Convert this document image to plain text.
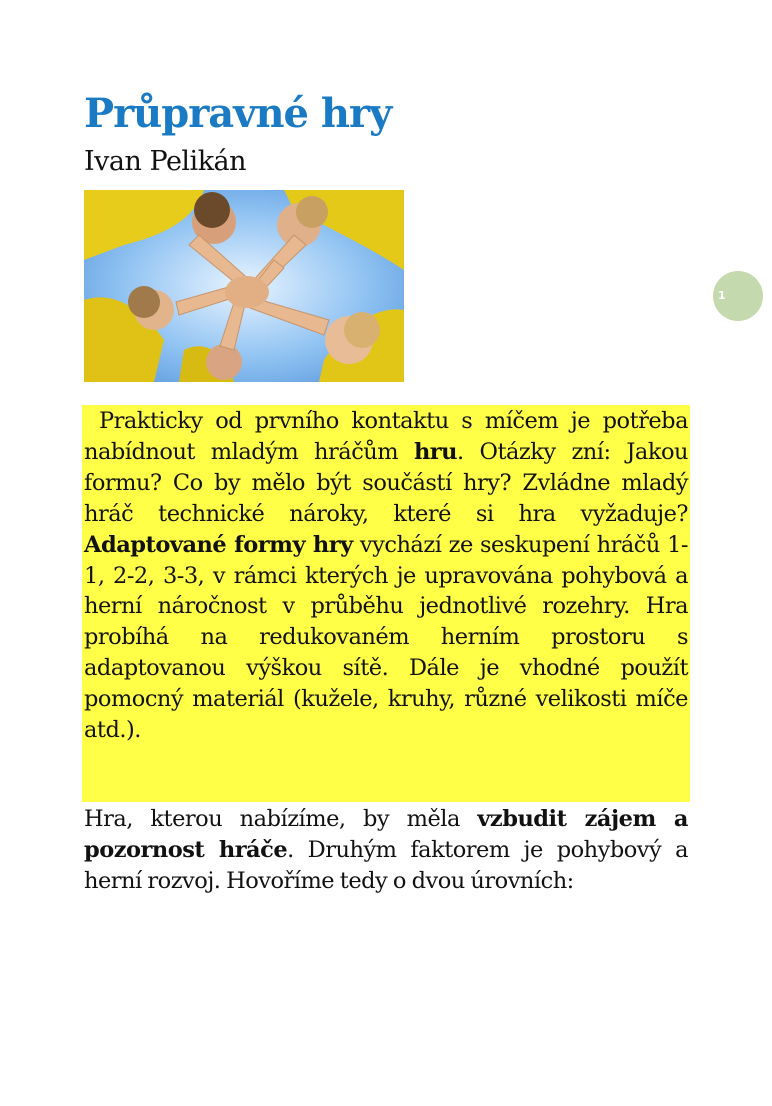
Průpravné hry
Ivan Pelikán
1

Prakticky od prvního kontaktu s míčem je potřeba nabídnout mladým hráčům hru. Otázky zní: Jakou formu? Co by mělo být součástí hry? Zvládne mladý hráč technické nároky, které si hra vyžaduje? Adaptované formy hry vychází ze seskupení hráčů 1-1, 2-2, 3-3, v rámci kterých je upravována pohybová a herní náročnost v průběhu jednotlivé rozehry. Hra probíhá na redukovaném herním prostoru s adaptovanou výškou sítě. Dále je vhodné použít pomocný materiál (kužele, kruhy, různé velikosti míče atd.).

Hra, kterou nabízíme, by měla vzbudit zájem a pozornost hráče. Druhým faktorem je pohybový a herní rozvoj. Hovoříme tedy o dvou úrovních:
